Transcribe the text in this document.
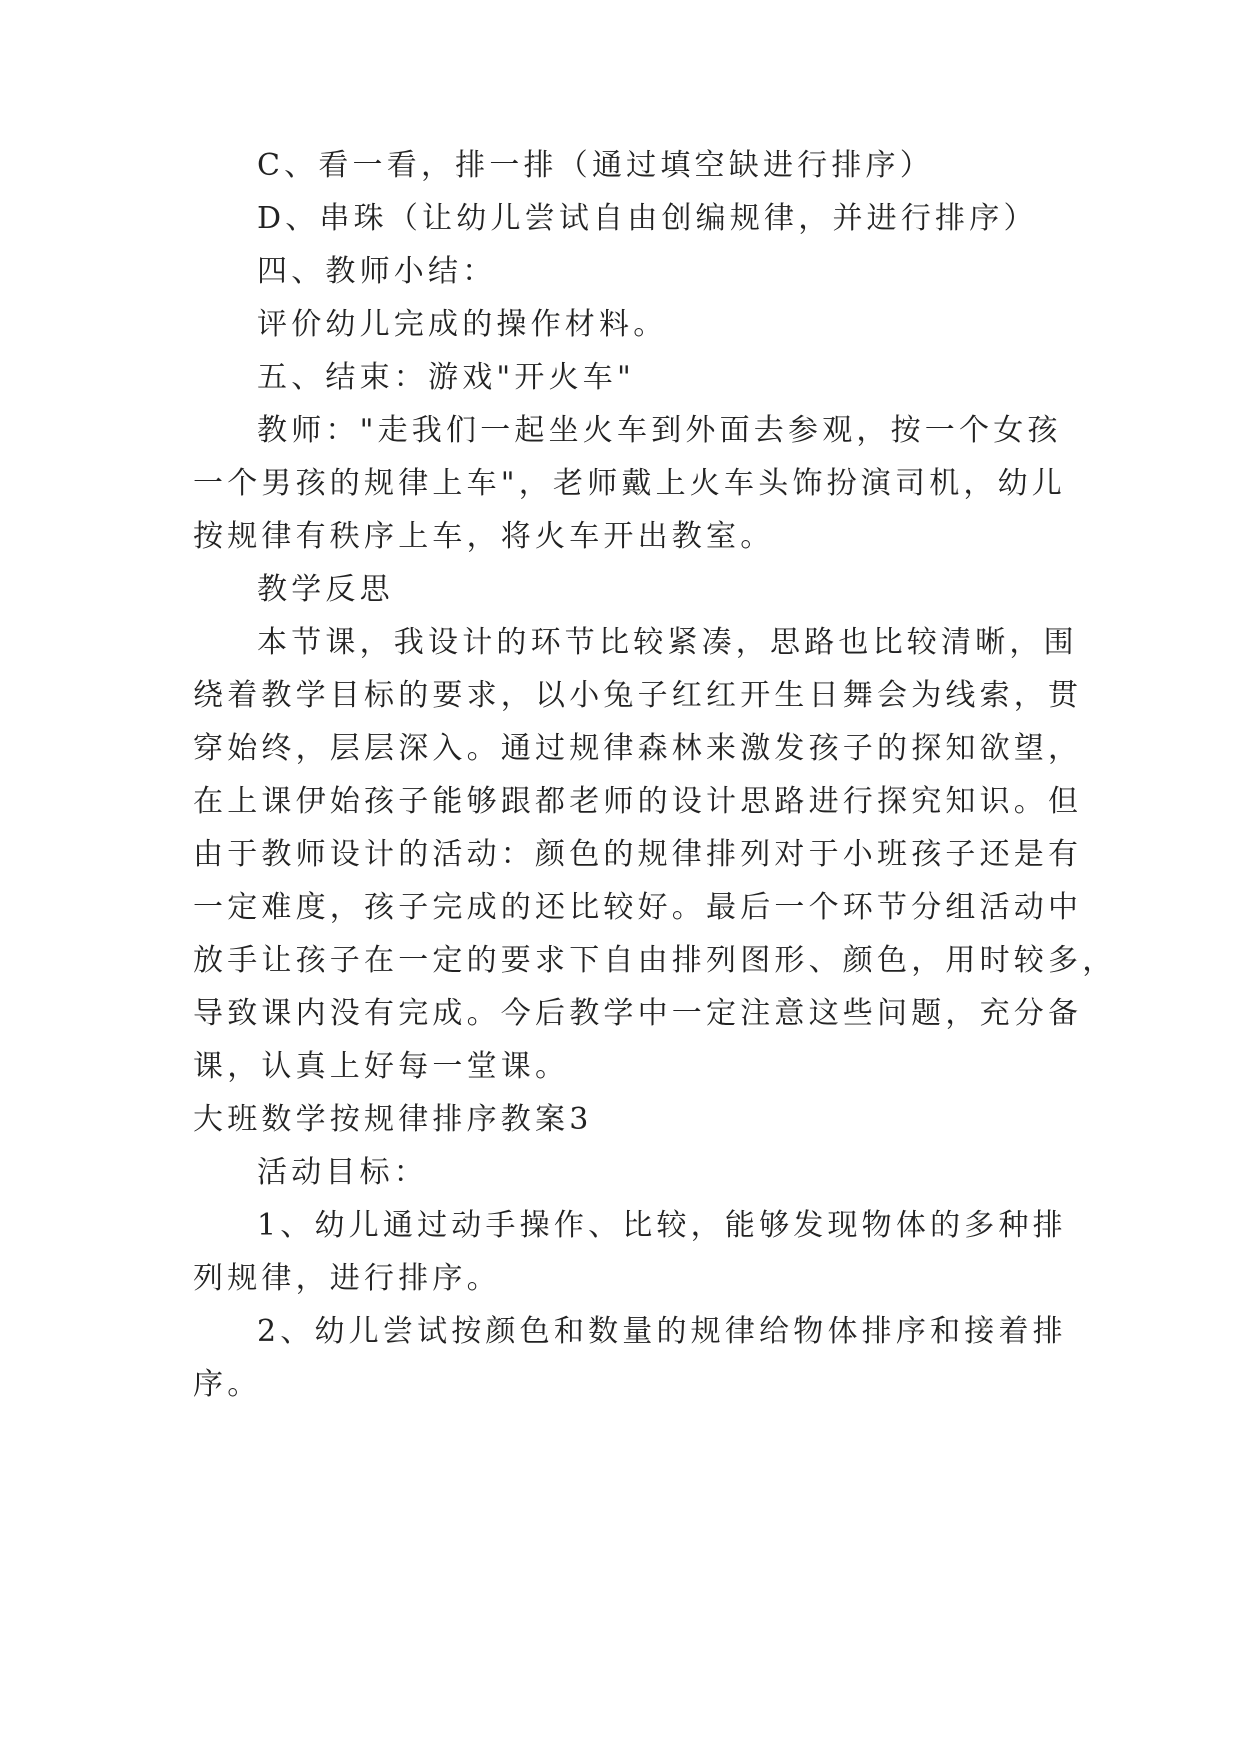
C、看一看，排一排（通过填空缺进行排序）
D、串珠（让幼儿尝试自由创编规律，并进行排序）
四、教师小结：
评价幼儿完成的操作材料。
五、结束：游戏"开火车"
教师："走我们一起坐火车到外面去参观，按一个女孩
一个男孩的规律上车"，老师戴上火车头饰扮演司机，幼儿
按规律有秩序上车，将火车开出教室。
教学反思
本节课，我设计的环节比较紧凑，思路也比较清晰，围
绕着教学目标的要求，以小兔子红红开生日舞会为线索，贯
穿始终，层层深入。通过规律森林来激发孩子的探知欲望，
在上课伊始孩子能够跟都老师的设计思路进行探究知识。但
由于教师设计的活动：颜色的规律排列对于小班孩子还是有
一定难度，孩子完成的还比较好。最后一个环节分组活动中
放手让孩子在一定的要求下自由排列图形、颜色，用时较多，
导致课内没有完成。今后教学中一定注意这些问题，充分备
课，认真上好每一堂课。
大班数学按规律排序教案3
活动目标：
1、幼儿通过动手操作、比较，能够发现物体的多种排
列规律，进行排序。
2、幼儿尝试按颜色和数量的规律给物体排序和接着排
序。
